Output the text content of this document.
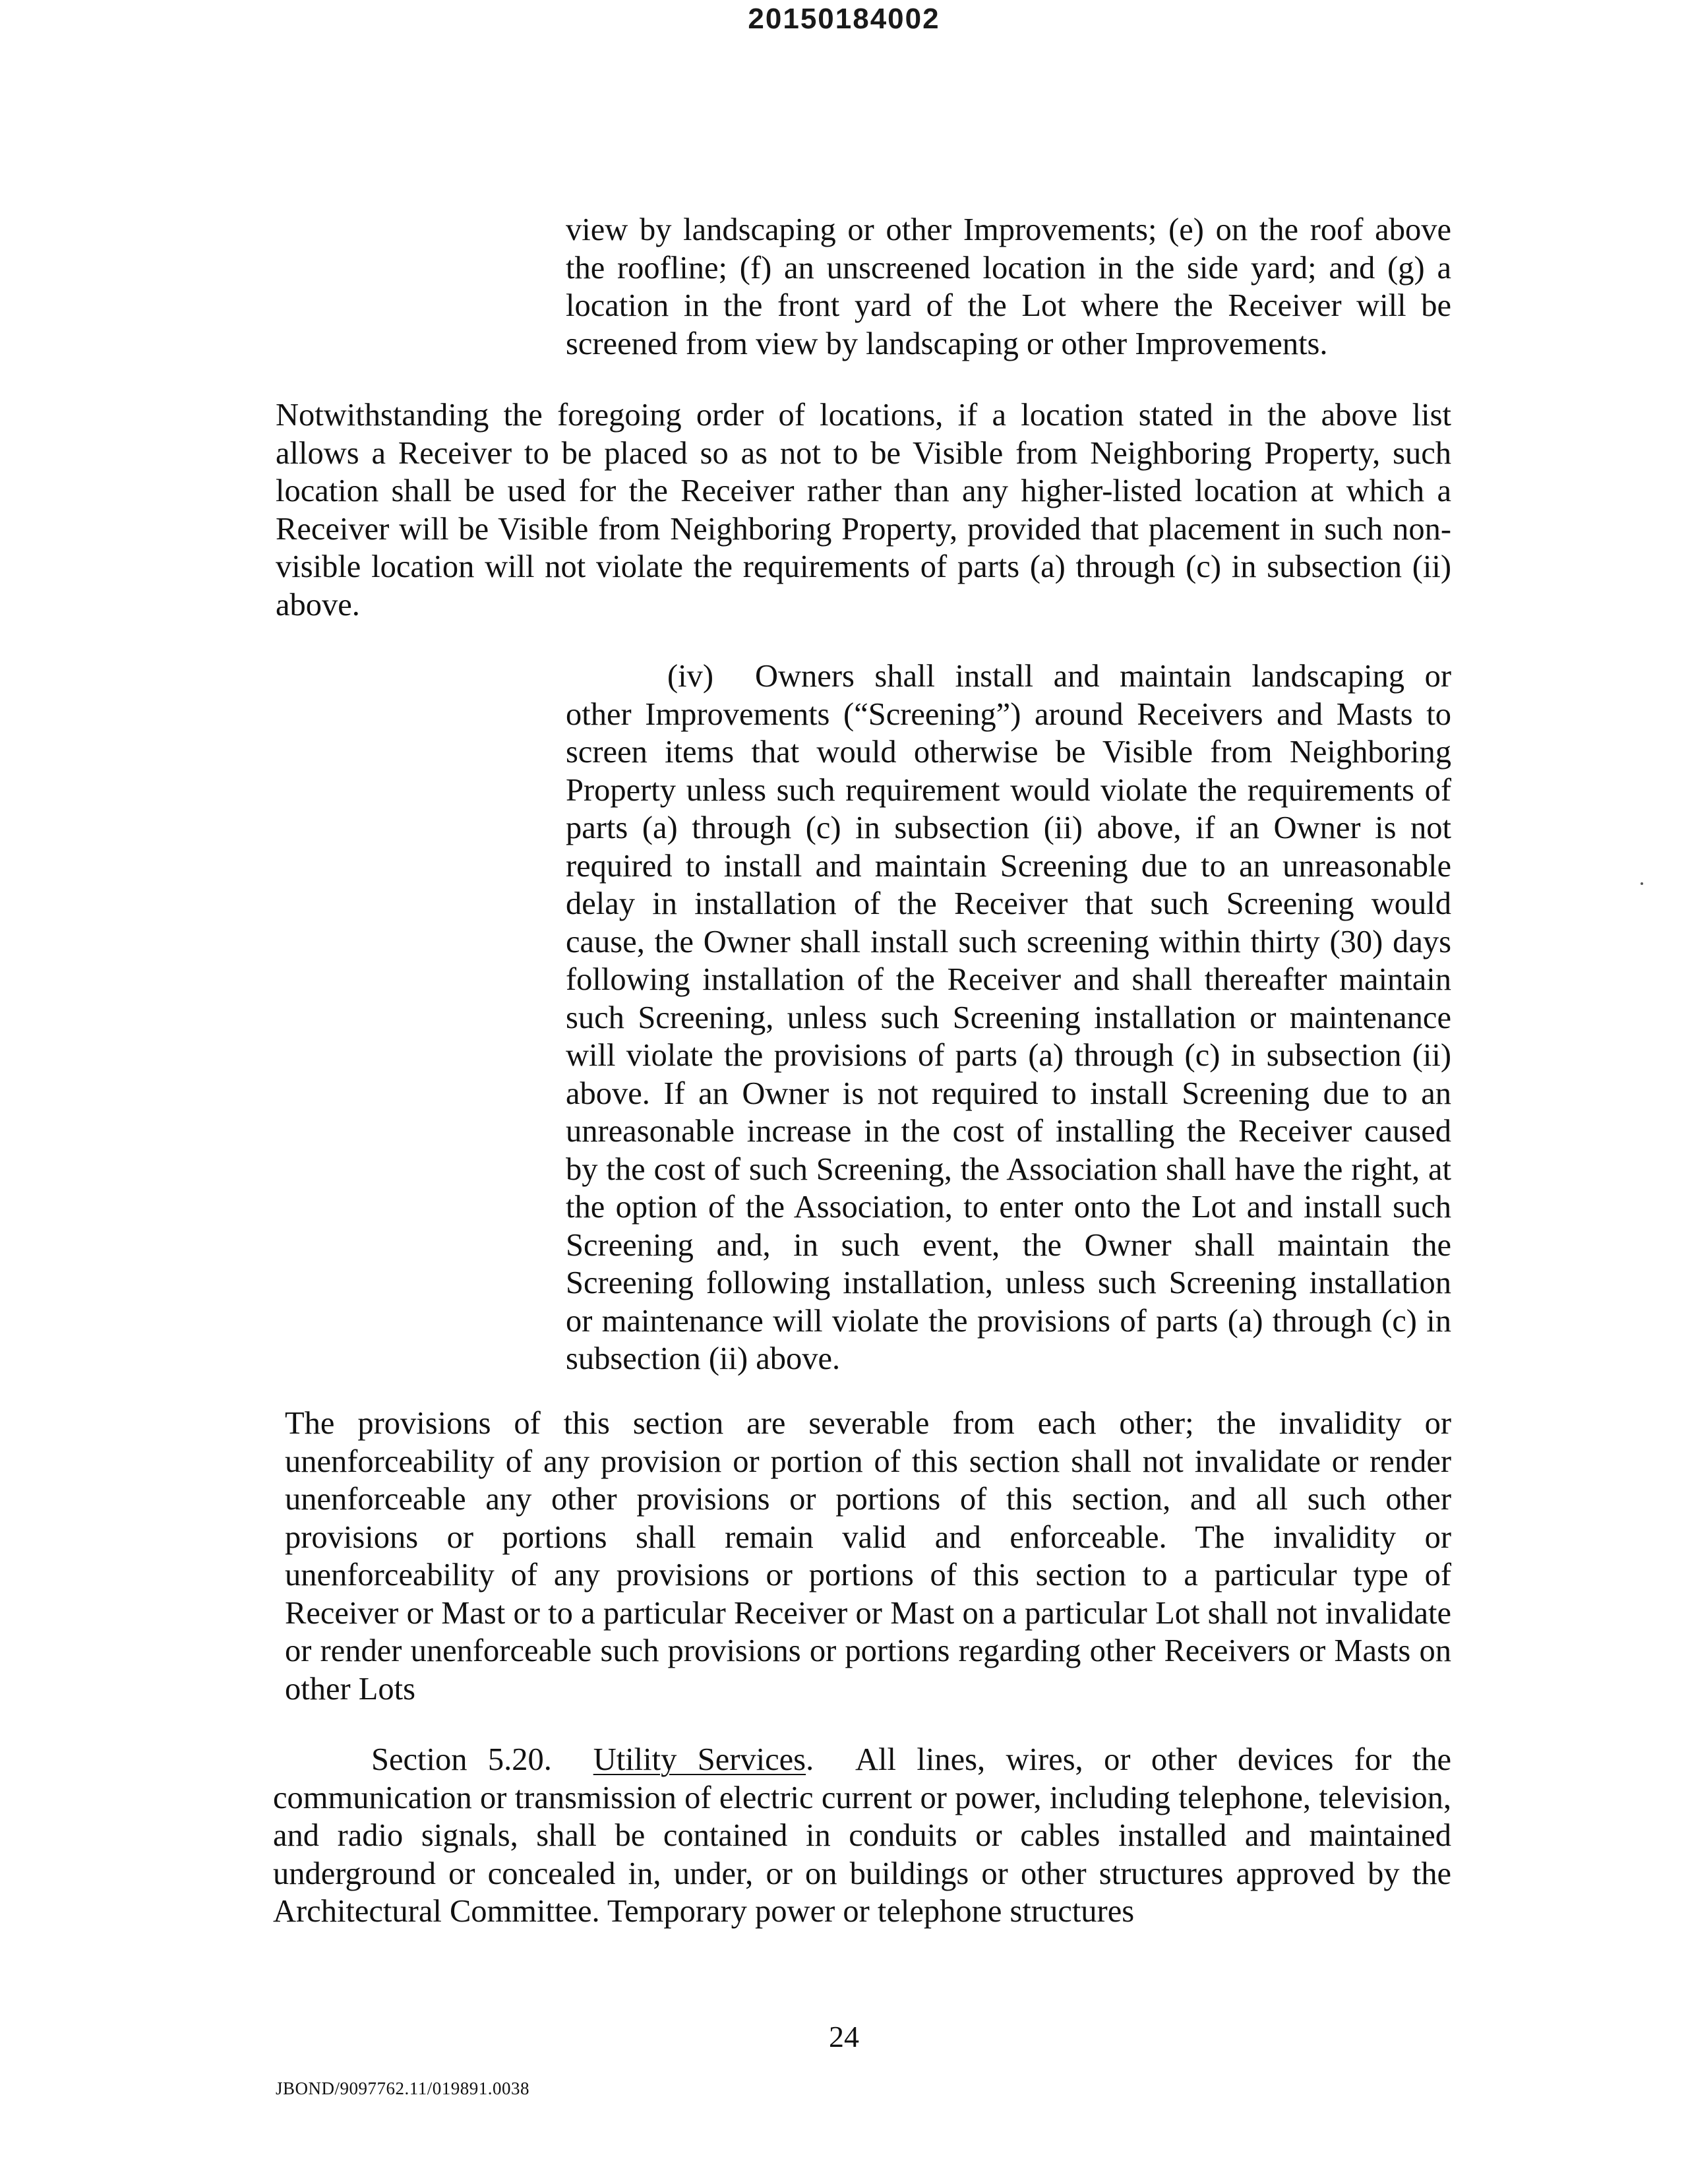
20150184002

view by landscaping or other Improvements; (e) on the roof above the roofline; (f) an unscreened location in the side yard; and (g) a location in the front yard of the Lot where the Receiver will be screened from view by landscaping or other Improvements.

Notwithstanding the foregoing order of locations, if a location stated in the above list allows a Receiver to be placed so as not to be Visible from Neighboring Property, such location shall be used for the Receiver rather than any higher-listed location at which a Receiver will be Visible from Neighboring Property, provided that placement in such non-visible location will not violate the requirements of parts (a) through (c) in subsection (ii) above.

(iv) Owners shall install and maintain landscaping or other Improvements (“Screening”) around Receivers and Masts to screen items that would otherwise be Visible from Neighboring Property unless such requirement would violate the requirements of parts (a) through (c) in subsection (ii) above, if an Owner is not required to install and maintain Screening due to an unreasonable delay in installation of the Receiver that such Screening would cause, the Owner shall install such screening within thirty (30) days following installation of the Receiver and shall thereafter maintain such Screening, unless such Screening installation or maintenance will violate the provisions of parts (a) through (c) in subsection (ii) above. If an Owner is not required to install Screening due to an unreasonable increase in the cost of installing the Receiver caused by the cost of such Screening, the Association shall have the right, at the option of the Association, to enter onto the Lot and install such Screening and, in such event, the Owner shall maintain the Screening following installation, unless such Screening installation or maintenance will violate the provisions of parts (a) through (c) in subsection (ii) above.

The provisions of this section are severable from each other; the invalidity or unenforceability of any provision or portion of this section shall not invalidate or render unenforceable any other provisions or portions of this section, and all such other provisions or portions shall remain valid and enforceable. The invalidity or unenforceability of any provisions or portions of this section to a particular type of Receiver or Mast or to a particular Receiver or Mast on a particular Lot shall not invalidate or render unenforceable such provisions or portions regarding other Receivers or Masts on other Lots

Section 5.20. Utility Services. All lines, wires, or other devices for the communication or transmission of electric current or power, including telephone, television, and radio signals, shall be contained in conduits or cables installed and maintained underground or concealed in, under, or on buildings or other structures approved by the Architectural Committee. Temporary power or telephone structures

24
JBOND/9097762.11/019891.0038
